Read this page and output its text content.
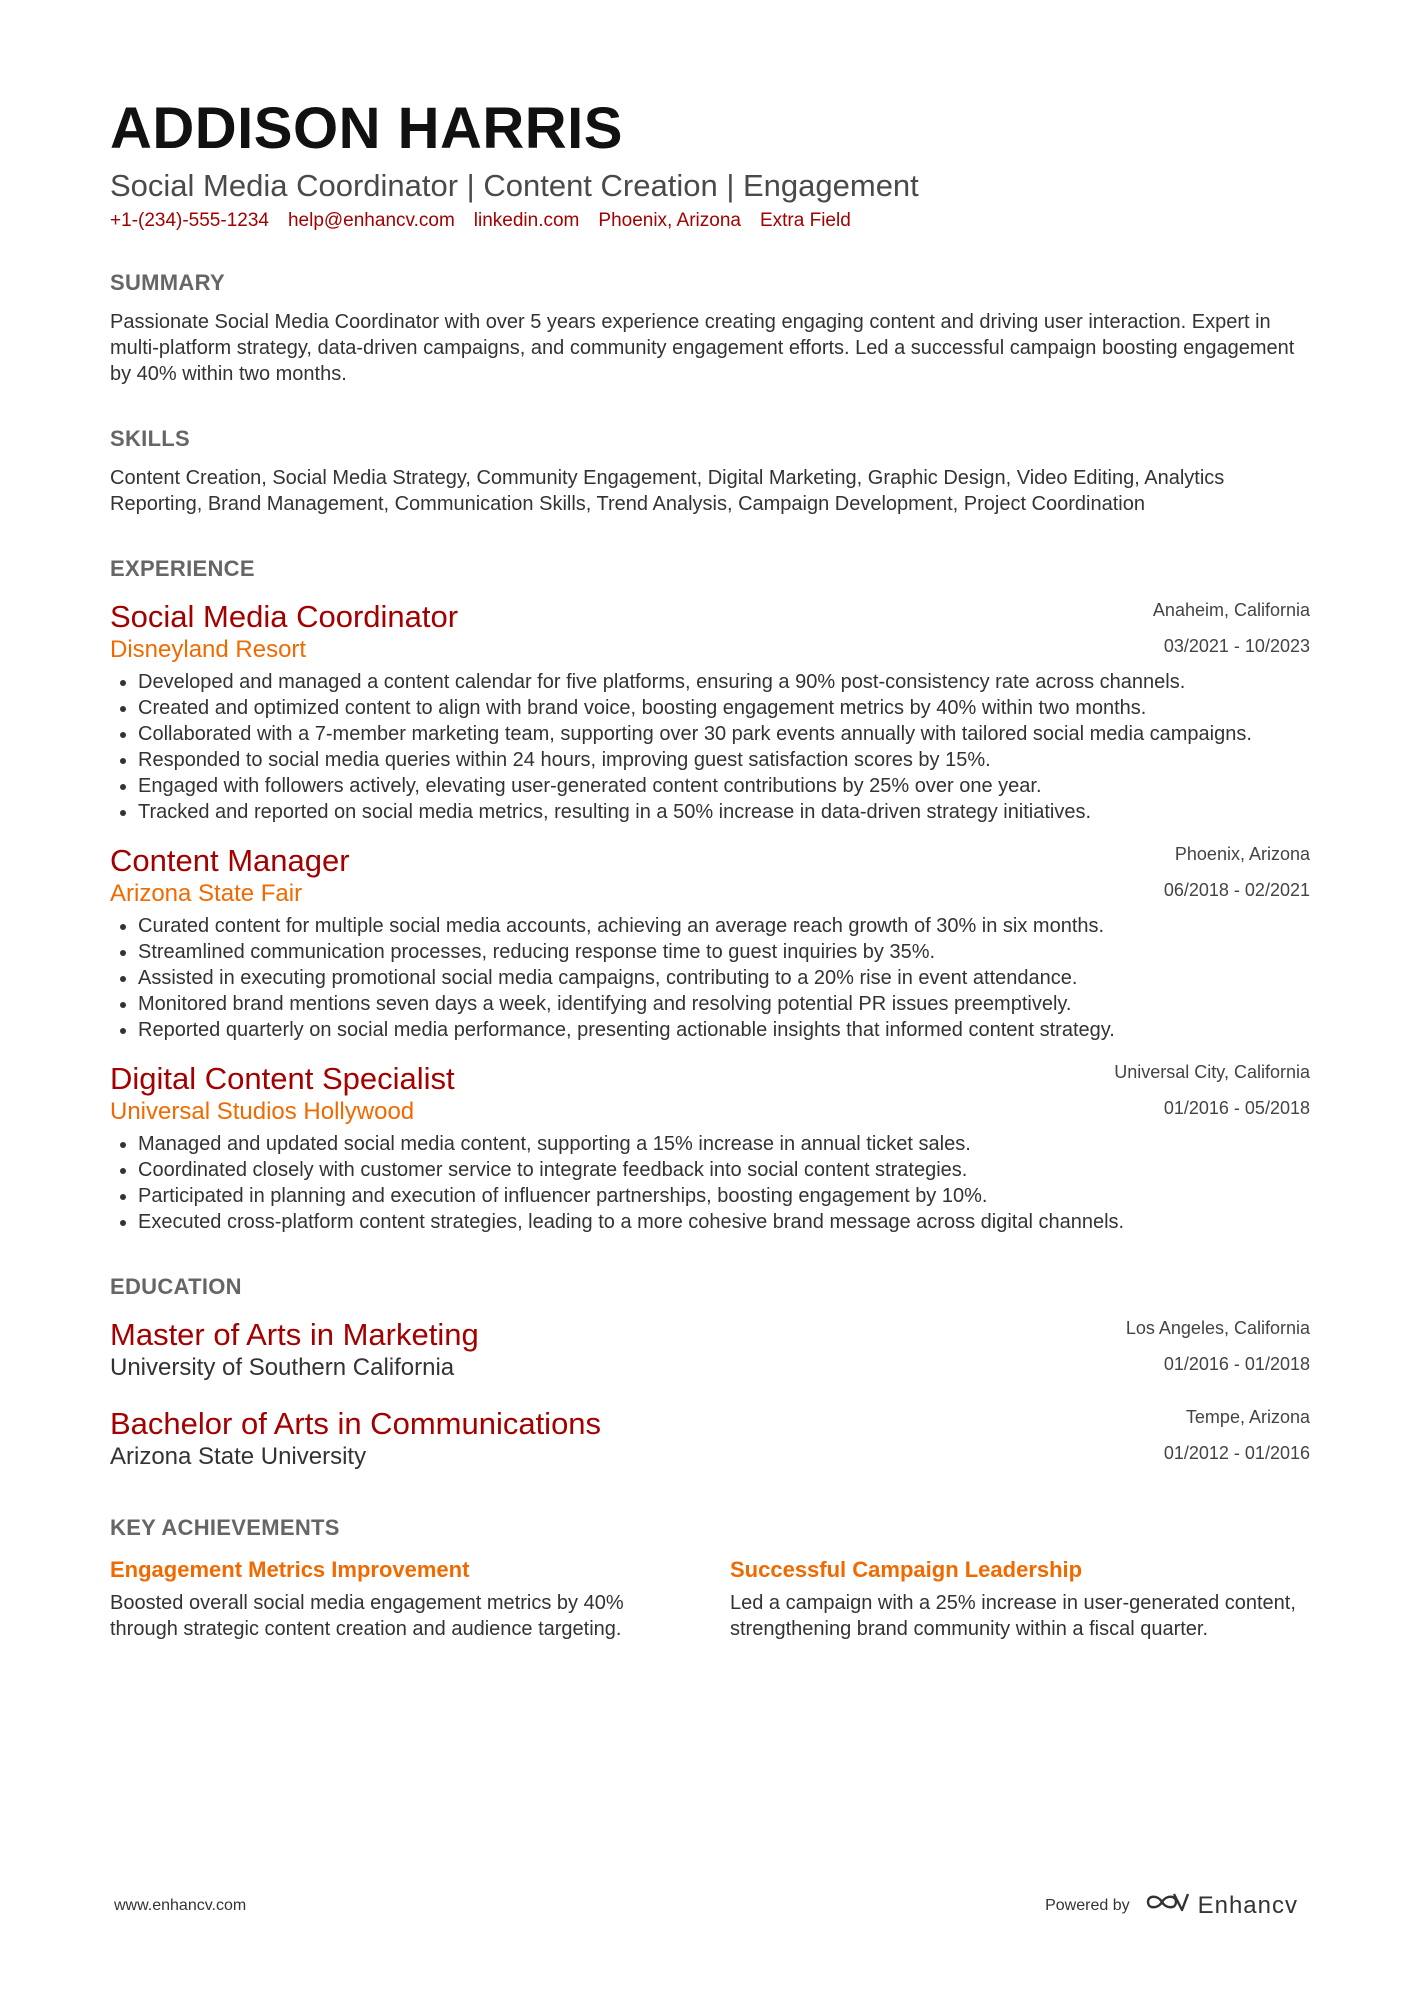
ADDISON HARRIS
Social Media Coordinator | Content Creation | Engagement
+1-(234)-555-1234 help@enhancv.com linkedin.com Phoenix, Arizona Extra Field
SUMMARY
Passionate Social Media Coordinator with over 5 years experience creating engaging content and driving user interaction. Expert in multi-platform strategy, data-driven campaigns, and community engagement efforts. Led a successful campaign boosting engagement by 40% within two months.
SKILLS
Content Creation, Social Media Strategy, Community Engagement, Digital Marketing, Graphic Design, Video Editing, Analytics Reporting, Brand Management, Communication Skills, Trend Analysis, Campaign Development, Project Coordination
EXPERIENCE
Social Media Coordinator
Disneyland Resort
Anaheim, California
03/2021 - 10/2023
• Developed and managed a content calendar for five platforms, ensuring a 90% post-consistency rate across channels.
• Created and optimized content to align with brand voice, boosting engagement metrics by 40% within two months.
• Collaborated with a 7-member marketing team, supporting over 30 park events annually with tailored social media campaigns.
• Responded to social media queries within 24 hours, improving guest satisfaction scores by 15%.
• Engaged with followers actively, elevating user-generated content contributions by 25% over one year.
• Tracked and reported on social media metrics, resulting in a 50% increase in data-driven strategy initiatives.
Content Manager
Arizona State Fair
Phoenix, Arizona
06/2018 - 02/2021
• Curated content for multiple social media accounts, achieving an average reach growth of 30% in six months.
• Streamlined communication processes, reducing response time to guest inquiries by 35%.
• Assisted in executing promotional social media campaigns, contributing to a 20% rise in event attendance.
• Monitored brand mentions seven days a week, identifying and resolving potential PR issues preemptively.
• Reported quarterly on social media performance, presenting actionable insights that informed content strategy.
Digital Content Specialist
Universal Studios Hollywood
Universal City, California
01/2016 - 05/2018
• Managed and updated social media content, supporting a 15% increase in annual ticket sales.
• Coordinated closely with customer service to integrate feedback into social content strategies.
• Participated in planning and execution of influencer partnerships, boosting engagement by 10%.
• Executed cross-platform content strategies, leading to a more cohesive brand message across digital channels.
EDUCATION
Master of Arts in Marketing
University of Southern California
Los Angeles, California
01/2016 - 01/2018
Bachelor of Arts in Communications
Arizona State University
Tempe, Arizona
01/2012 - 01/2016
KEY ACHIEVEMENTS
Engagement Metrics Improvement
Boosted overall social media engagement metrics by 40% through strategic content creation and audience targeting.
Successful Campaign Leadership
Led a campaign with a 25% increase in user-generated content, strengthening brand community within a fiscal quarter.
www.enhancv.com	Powered by	Enhancv
